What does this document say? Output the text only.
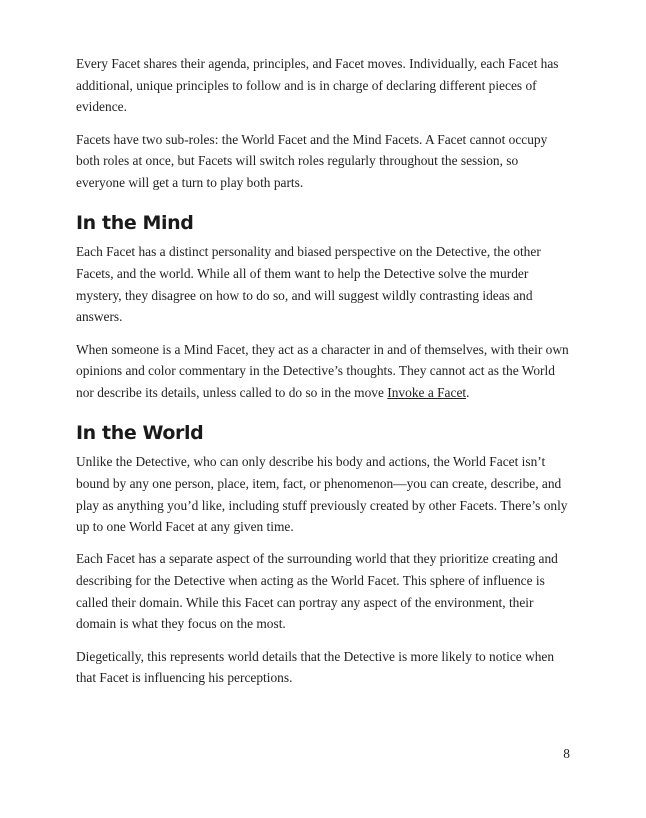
Every Facet shares their agenda, principles, and Facet moves. Individually, each Facet has additional, unique principles to follow and is in charge of declaring different pieces of evidence.

Facets have two sub-roles: the World Facet and the Mind Facets. A Facet cannot occupy both roles at once, but Facets will switch roles regularly throughout the session, so everyone will get a turn to play both parts.

In the Mind

Each Facet has a distinct personality and biased perspective on the Detective, the other Facets, and the world. While all of them want to help the Detective solve the murder mystery, they disagree on how to do so, and will suggest wildly contrasting ideas and answers.

When someone is a Mind Facet, they act as a character in and of themselves, with their own opinions and color commentary in the Detective’s thoughts. They cannot act as the World nor describe its details, unless called to do so in the move Invoke a Facet.

In the World

Unlike the Detective, who can only describe his body and actions, the World Facet isn’t bound by any one person, place, item, fact, or phenomenon—you can create, describe, and play as anything you’d like, including stuff previously created by other Facets. There’s only up to one World Facet at any given time.

Each Facet has a separate aspect of the surrounding world that they prioritize creating and describing for the Detective when acting as the World Facet. This sphere of influence is called their domain. While this Facet can portray any aspect of the environment, their domain is what they focus on the most.

Diegetically, this represents world details that the Detective is more likely to notice when that Facet is influencing his perceptions.

8
